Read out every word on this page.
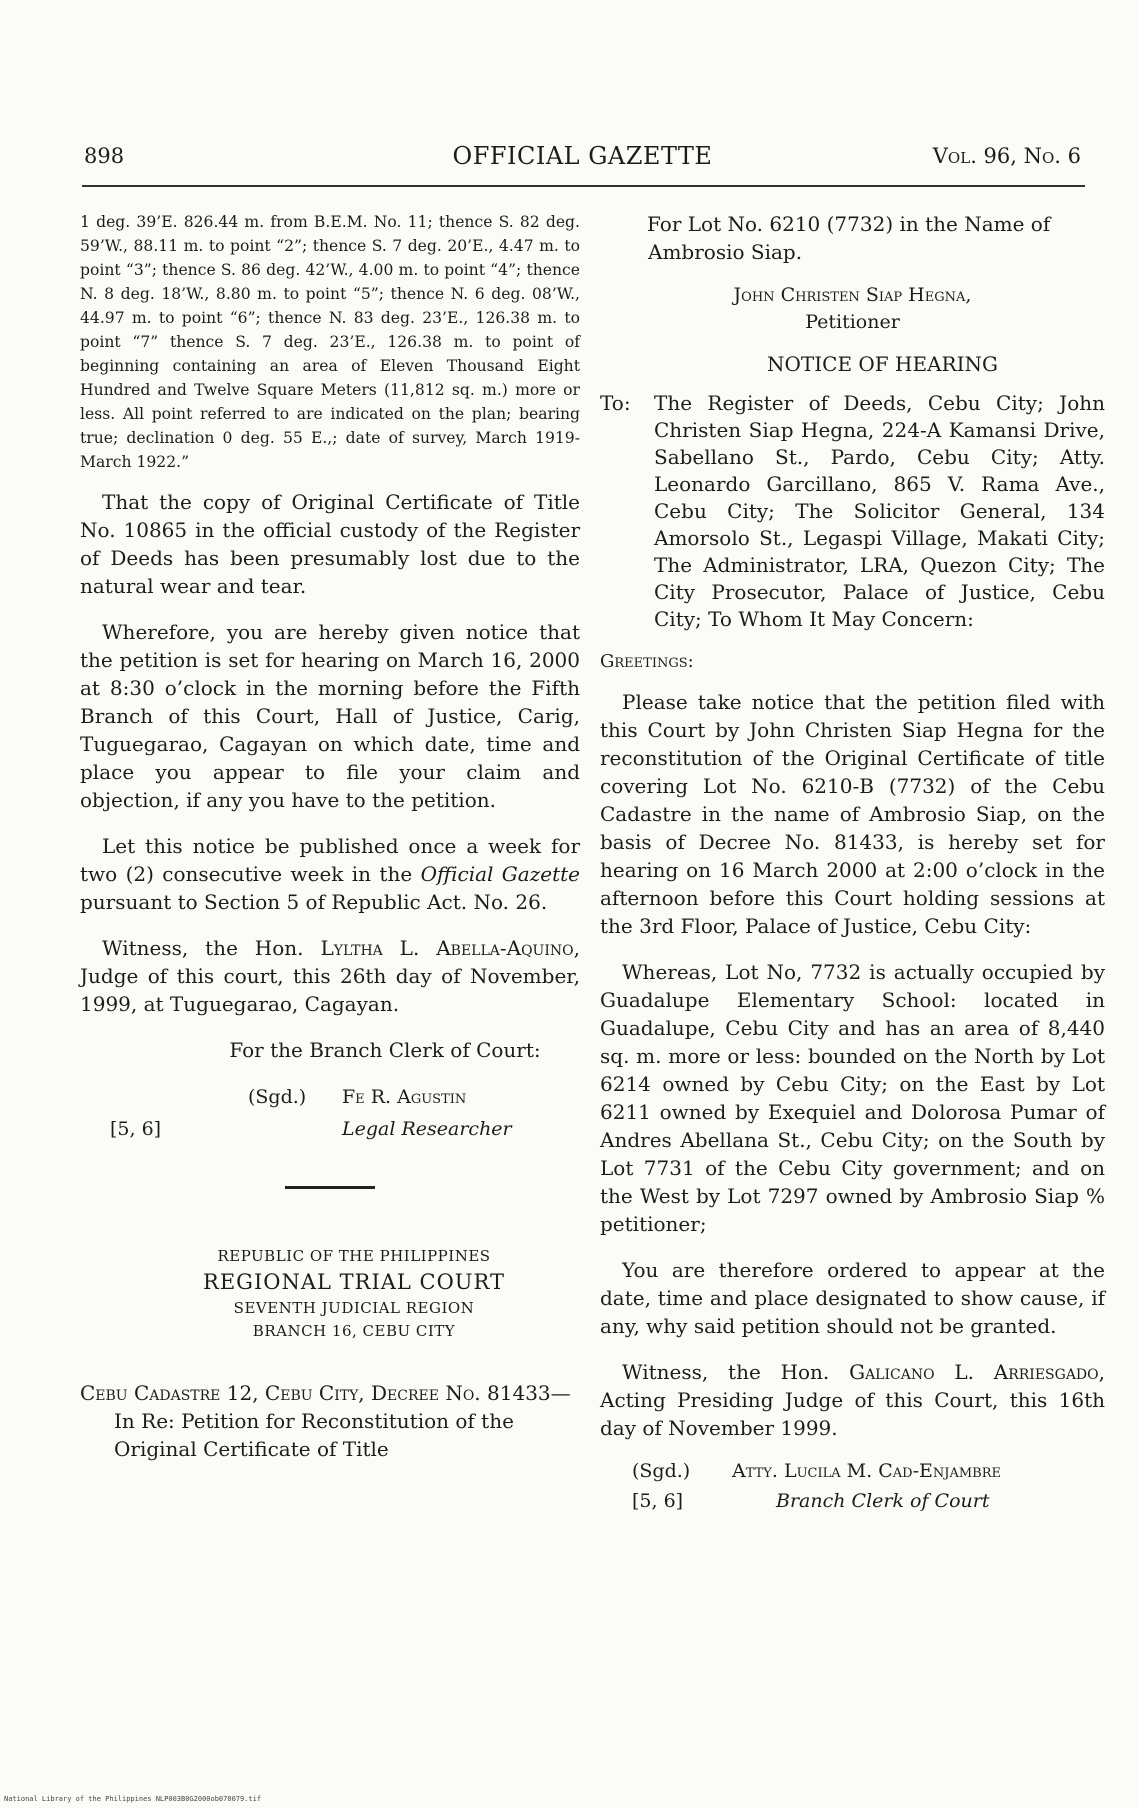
898	OFFICIAL GAZETTE	Vol. 96, No. 6

1 deg. 39’E. 826.44 m. from B.E.M. No. 11; thence S. 82 deg. 59’W., 88.11 m. to point “2”; thence S. 7 deg. 20’E., 4.47 m. to point “3”; thence S. 86 deg. 42’W., 4.00 m. to point “4”; thence N. 8 deg. 18’W., 8.80 m. to point “5”; thence N. 6 deg. 08’W., 44.97 m. to point “6”; thence N. 83 deg. 23’E., 126.38 m. to point “7” thence S. 7 deg. 23’E., 126.38 m. to point of beginning containing an area of Eleven Thousand Eight Hundred and Twelve Square Meters (11,812 sq. m.) more or less. All point referred to are indicated on the plan; bearing true; declination 0 deg. 55 E.,; date of survey, March 1919-March 1922.”

That the copy of Original Certificate of Title No. 10865 in the official custody of the Register of Deeds has been presumably lost due to the natural wear and tear.

Wherefore, you are hereby given notice that the petition is set for hearing on March 16, 2000 at 8:30 o’clock in the morning before the Fifth Branch of this Court, Hall of Justice, Carig, Tuguegarao, Cagayan on which date, time and place you appear to file your claim and objection, if any you have to the petition.

Let this notice be published once a week for two (2) consecutive week in the Official Gazette pursuant to Section 5 of Republic Act. No. 26.

Witness, the Hon. Lyltha L. Abella-Aquino, Judge of this court, this 26th day of November, 1999, at Tuguegarao, Cagayan.

For the Branch Clerk of Court:

(Sgd.) Fe R. Agustin
[5, 6]	Legal Researcher
REPUBLIC OF THE PHILIPPINES
REGIONAL TRIAL COURT
SEVENTH JUDICIAL REGION
BRANCH 16, CEBU CITY

Cebu Cadastre 12, Cebu City, Decree No. 81433—In Re: Petition for Reconstitution of the Original Certificate of Title

For Lot No. 6210 (7732) in the Name of Ambrosio Siap.

John Christen Siap Hegna,
Petitioner
NOTICE OF HEARING
To:	The Register of Deeds, Cebu City; John Christen Siap Hegna, 224-A Kamansi Drive, Sabellano St., Pardo, Cebu City; Atty. Leonardo Garcillano, 865 V. Rama Ave., Cebu City; The Solicitor General, 134 Amorsolo St., Legaspi Village, Makati City; The Administrator, LRA, Quezon City; The City Prosecutor, Palace of Justice, Cebu City; To Whom It May Concern:

Greetings:

Please take notice that the petition filed with this Court by John Christen Siap Hegna for the reconstitution of the Original Certificate of title covering Lot No. 6210-B (7732) of the Cebu Cadastre in the name of Ambrosio Siap, on the basis of Decree No. 81433, is hereby set for hearing on 16 March 2000 at 2:00 o’clock in the afternoon before this Court holding sessions at the 3rd Floor, Palace of Justice, Cebu City:

Whereas, Lot No, 7732 is actually occupied by Guadalupe Elementary School: located in Guadalupe, Cebu City and has an area of 8,440 sq. m. more or less: bounded on the North by Lot 6214 owned by Cebu City; on the East by Lot 6211 owned by Exequiel and Dolorosa Pumar of Andres Abellana St., Cebu City; on the South by Lot 7731 of the Cebu City government; and on the West by Lot 7297 owned by Ambrosio Siap % petitioner;

You are therefore ordered to appear at the date, time and place designated to show cause, if any, why said petition should not be granted.

Witness, the Hon. Galicano L. Arriesgado, Acting Presiding Judge of this Court, this 16th day of November 1999.

(Sgd.) Atty. Lucila M. Cad-Enjambre
[5, 6]	Branch Clerk of Court
National Library of the Philippines NLP003B0G2000ob070079.tif
